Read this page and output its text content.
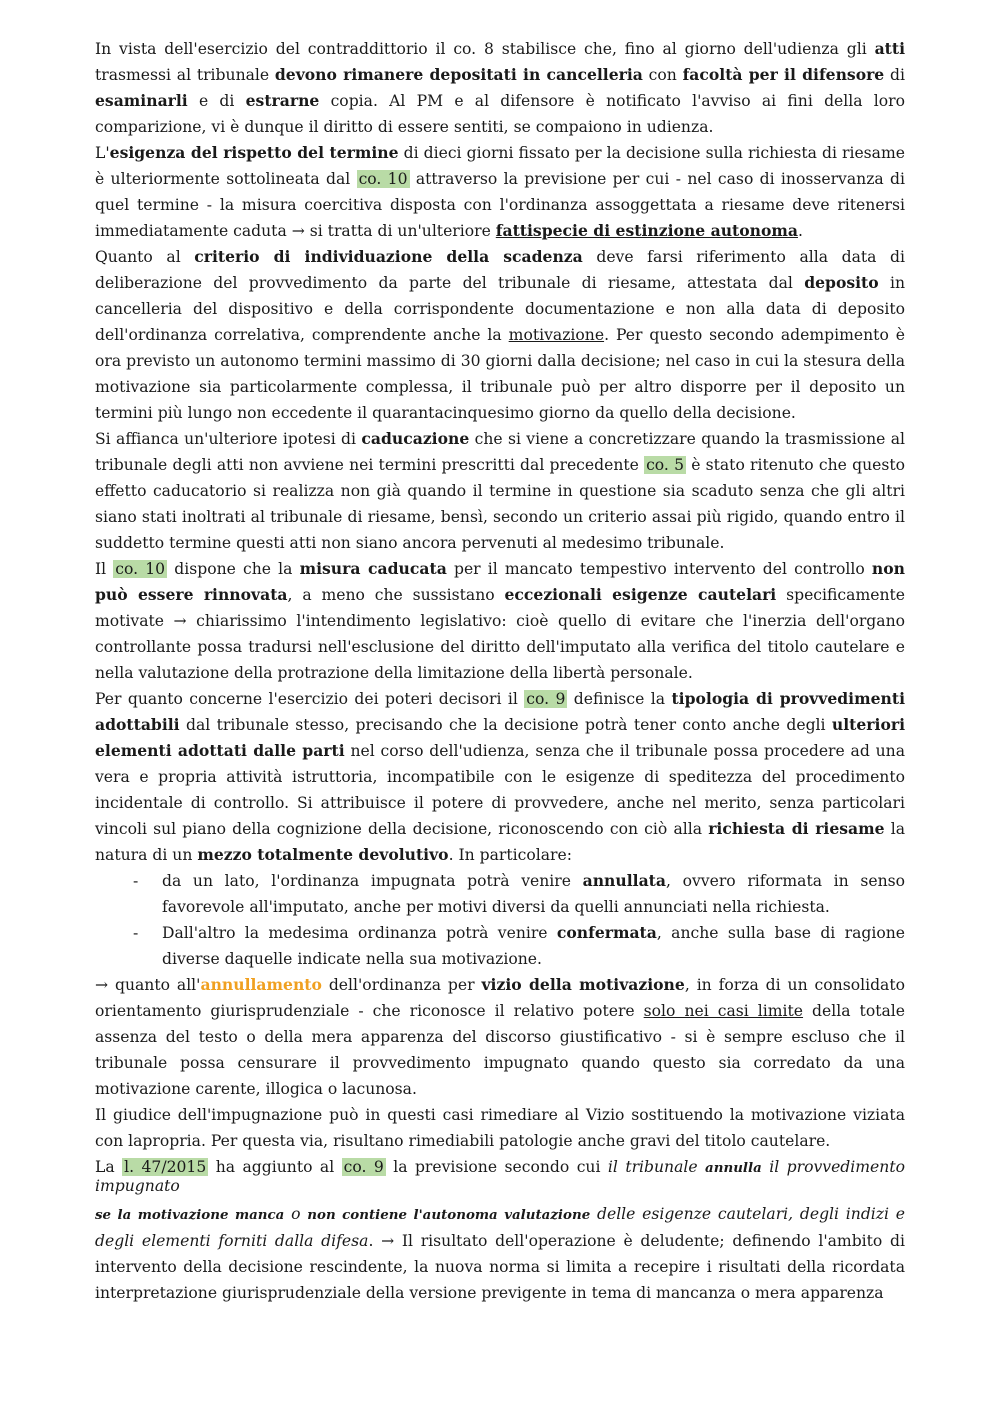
In vista dell'esercizio del contraddittorio il co. 8 stabilisce che, fino al giorno dell'udienza gli atti trasmessi al tribunale devono rimanere depositati in cancelleria con facoltà per il difensore di esaminarli e di estrarne copia. Al PM e al difensore è notificato l'avviso ai fini della loro comparizione, vi è dunque il diritto di essere sentiti, se compaiono in udienza.

L'esigenza del rispetto del termine di dieci giorni fissato per la decisione sulla richiesta di riesame è ulteriormente sottolineata dal co. 10 attraverso la previsione per cui - nel caso di inosservanza di quel termine - la misura coercitiva disposta con l'ordinanza assoggettata a riesame deve ritenersi immediatamente caduta → si tratta di un'ulteriore fattispecie di estinzione autonoma.

Quanto al criterio di individuazione della scadenza deve farsi riferimento alla data di deliberazione del provvedimento da parte del tribunale di riesame, attestata dal deposito in cancelleria del dispositivo e della corrispondente documentazione e non alla data di deposito dell'ordinanza correlativa, comprendente anche la motivazione. Per questo secondo adempimento è ora previsto un autonomo termini massimo di 30 giorni dalla decisione; nel caso in cui la stesura della motivazione sia particolarmente complessa, il tribunale può per altro disporre per il deposito un termini più lungo non eccedente il quarantacinquesimo giorno da quello della decisione.

Si affianca un'ulteriore ipotesi di caducazione che si viene a concretizzare quando la trasmissione al tribunale degli atti non avviene nei termini prescritti dal precedente co. 5 è stato ritenuto che questo effetto caducatorio si realizza non già quando il termine in questione sia scaduto senza che gli altri siano stati inoltrati al tribunale di riesame, bensì, secondo un criterio assai più rigido, quando entro il suddetto termine questi atti non siano ancora pervenuti al medesimo tribunale.

Il co. 10 dispone che la misura caducata per il mancato tempestivo intervento del controllo non può essere rinnovata, a meno che sussistano eccezionali esigenze cautelari specificamente motivate → chiarissimo l'intendimento legislativo: cioè quello di evitare che l'inerzia dell'organo controllante possa tradursi nell'esclusione del diritto dell'imputato alla verifica del titolo cautelare e nella valutazione della protrazione della limitazione della libertà personale.

Per quanto concerne l'esercizio dei poteri decisori il co. 9 definisce la tipologia di provvedimenti adottabili dal tribunale stesso, precisando che la decisione potrà tener conto anche degli ulteriori elementi adottati dalle parti nel corso dell'udienza, senza che il tribunale possa procedere ad una vera e propria attività istruttoria, incompatibile con le esigenze di speditezza del procedimento incidentale di controllo. Si attribuisce il potere di provvedere, anche nel merito, senza particolari vincoli sul piano della cognizione della decisione, riconoscendo con ciò alla richiesta di riesame la natura di un mezzo totalmente devolutivo. In particolare:

-	da un lato, l'ordinanza impugnata potrà venire annullata, ovvero riformata in senso favorevole all'imputato, anche per motivi diversi da quelli annunciati nella richiesta.
-	Dall'altro la medesima ordinanza potrà venire confermata, anche sulla base di ragione diverse daquelle indicate nella sua motivazione.

→ quanto all'annullamento dell'ordinanza per vizio della motivazione, in forza di un consolidato orientamento giurisprudenziale - che riconosce il relativo potere solo nei casi limite della totale assenza del testo o della mera apparenza del discorso giustificativo - si è sempre escluso che il tribunale possa censurare il provvedimento impugnato quando questo sia corredato da una motivazione carente, illogica o lacunosa.

Il giudice dell'impugnazione può in questi casi rimediare al Vizio sostituendo la motivazione viziata con lapropria. Per questa via, risultano rimediabili patologie anche gravi del titolo cautelare.

La l. 47/2015 ha aggiunto al co. 9 la previsione secondo cui il tribunale annulla il provvedimento impugnato

se la motivazione manca o non contiene l'autonoma valutazione delle esigenze cautelari, degli indizi e degli elementi forniti dalla difesa. → Il risultato dell'operazione è deludente; definendo l'ambito di intervento della decisione rescindente, la nuova norma si limita a recepire i risultati della ricordata interpretazione giurisprudenziale della versione previgente in tema di mancanza o mera apparenza
